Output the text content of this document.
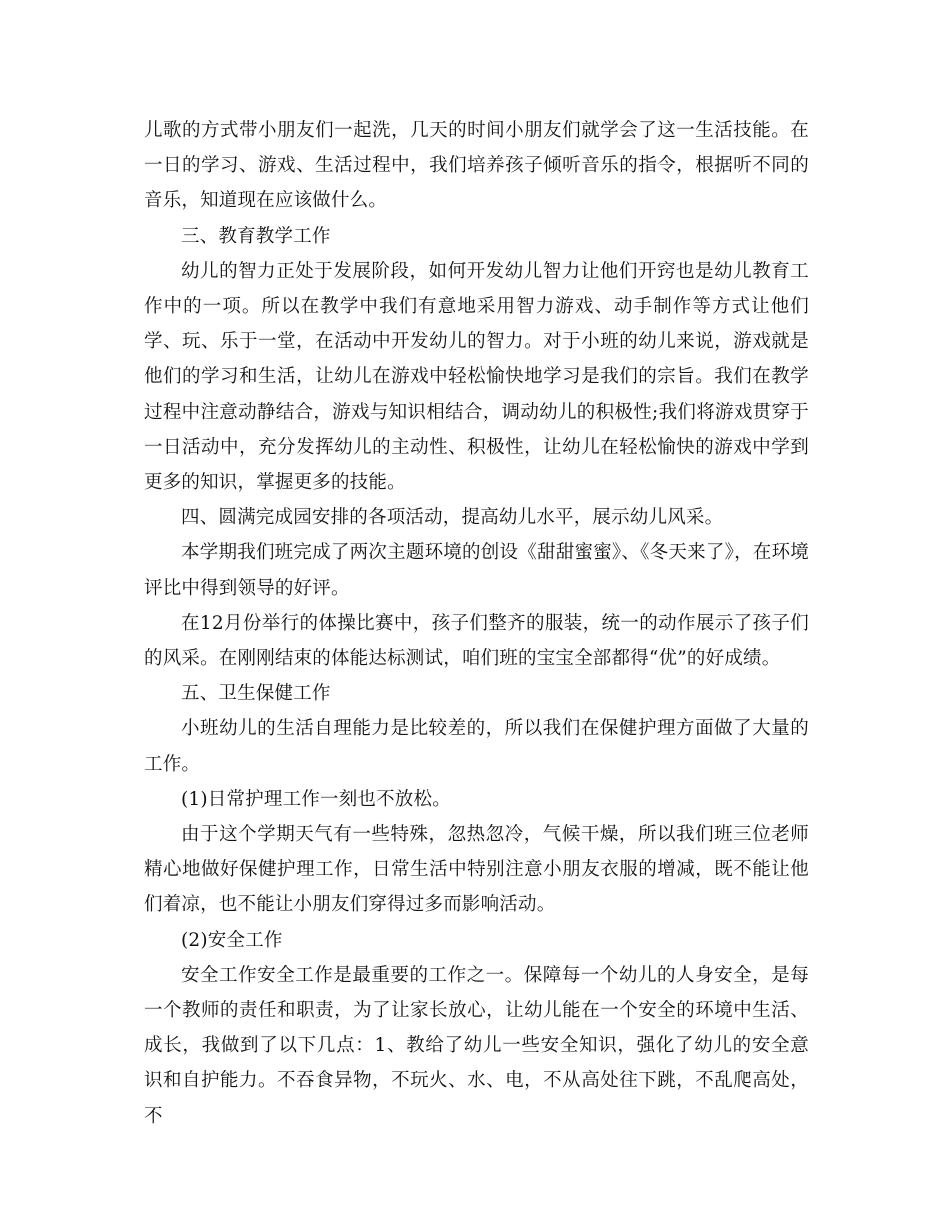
儿歌的方式带小朋友们一起洗，几天的时间小朋友们就学会了这一生活技能。在一日的学习、游戏、生活过程中，我们培养孩子倾听音乐的指令，根据听不同的音乐，知道现在应该做什么。

三、教育教学工作

幼儿的智力正处于发展阶段，如何开发幼儿智力让他们开窍也是幼儿教育工作中的一项。所以在教学中我们有意地采用智力游戏、动手制作等方式让他们学、玩、乐于一堂，在活动中开发幼儿的智力。对于小班的幼儿来说，游戏就是他们的学习和生活，让幼儿在游戏中轻松愉快地学习是我们的宗旨。我们在教学过程中注意动静结合，游戏与知识相结合，调动幼儿的积极性;我们将游戏贯穿于一日活动中，充分发挥幼儿的主动性、积极性，让幼儿在轻松愉快的游戏中学到更多的知识，掌握更多的技能。

四、圆满完成园安排的各项活动，提高幼儿水平，展示幼儿风采。

本学期我们班完成了两次主题环境的创设《甜甜蜜蜜》、《冬天来了》，在环境评比中得到领导的好评。

在12月份举行的体操比赛中，孩子们整齐的服装，统一的动作展示了孩子们的风采。在刚刚结束的体能达标测试，咱们班的宝宝全部都得“优”的好成绩。

五、卫生保健工作

小班幼儿的生活自理能力是比较差的，所以我们在保健护理方面做了大量的工作。

(1)日常护理工作一刻也不放松。

由于这个学期天气有一些特殊，忽热忽冷，气候干燥，所以我们班三位老师精心地做好保健护理工作，日常生活中特别注意小朋友衣服的增减，既不能让他们着凉，也不能让小朋友们穿得过多而影响活动。

(2)安全工作

安全工作安全工作是最重要的工作之一。保障每一个幼儿的人身安全，是每一个教师的责任和职责，为了让家长放心，让幼儿能在一个安全的环境中生活、成长，我做到了以下几点：1、教给了幼儿一些安全知识，强化了幼儿的安全意识和自护能力。不吞食异物，不玩火、水、电，不从高处往下跳，不乱爬高处，不
